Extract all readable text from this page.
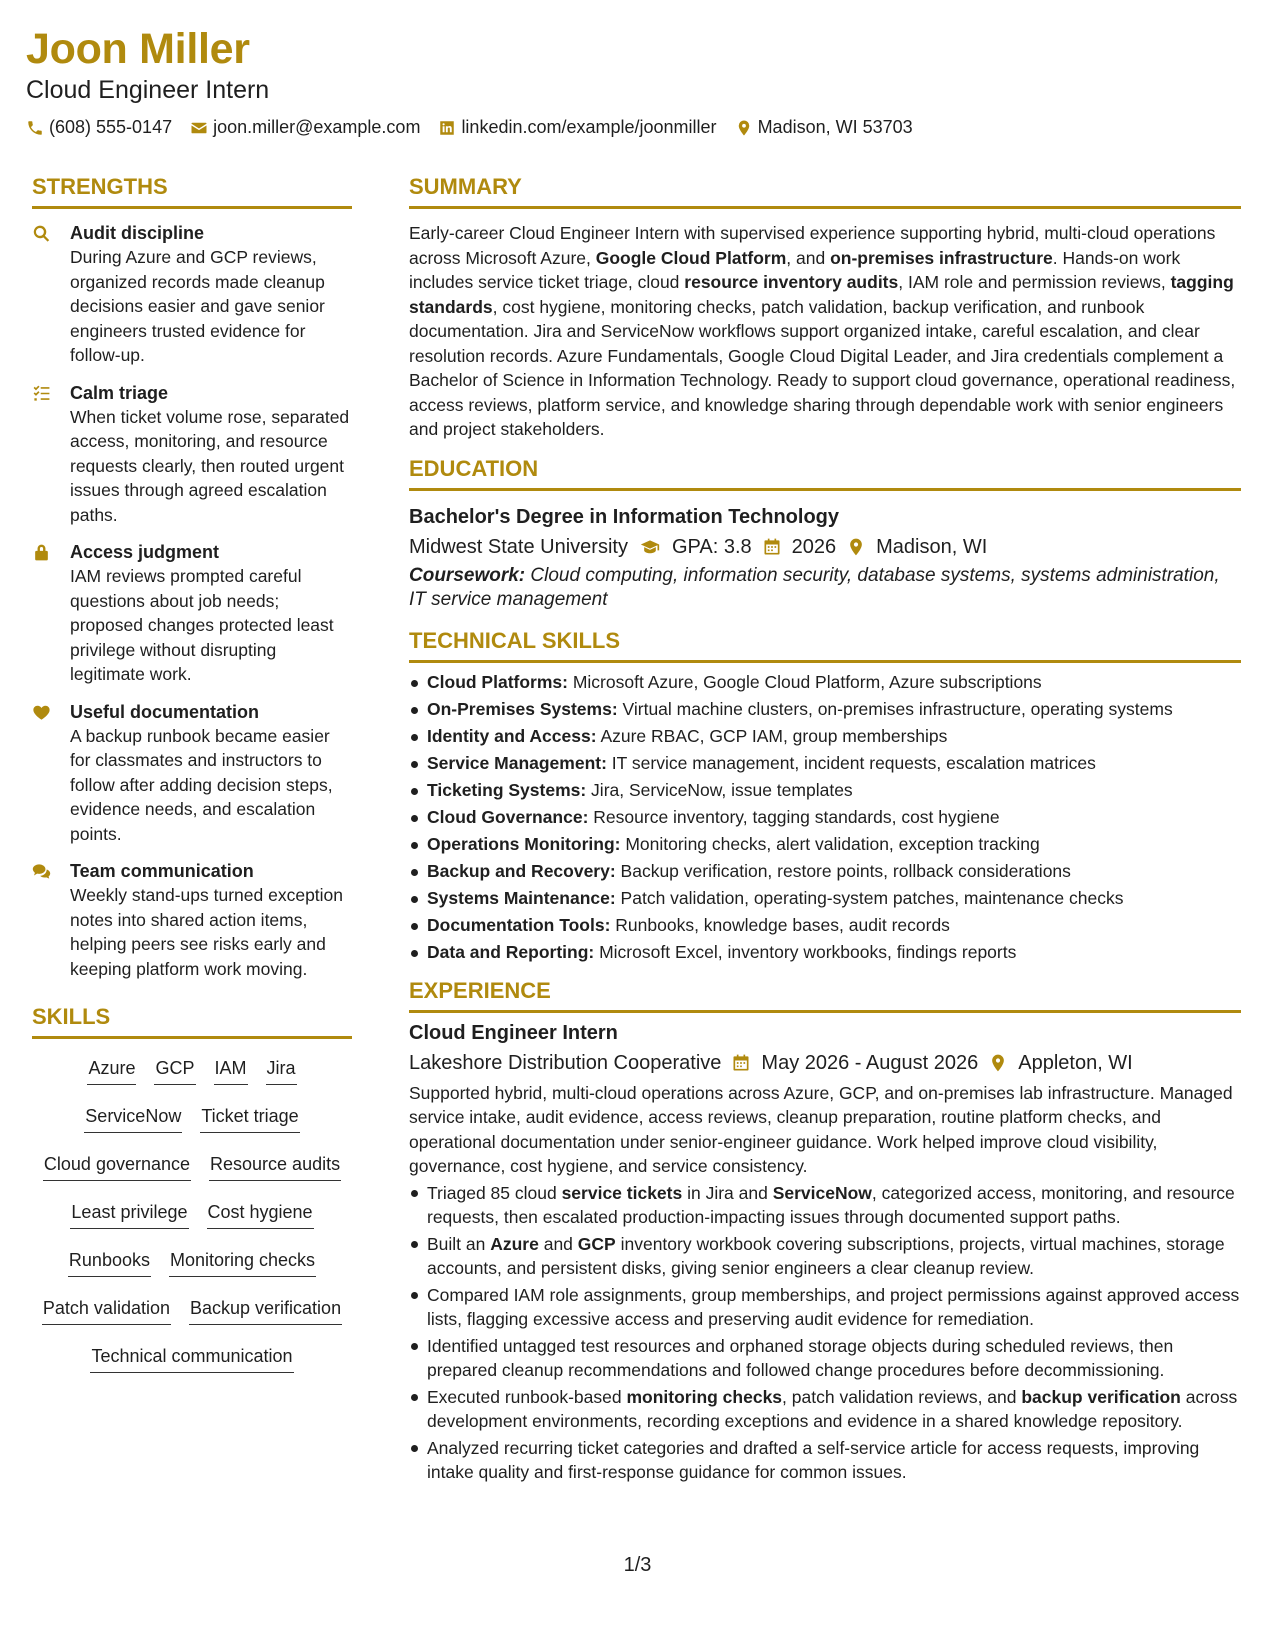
Joon Miller
Cloud Engineer Intern
(608) 555-0147 joon.miller@example.com linkedin.com/example/joonmiller Madison, WI 53703
STRENGTHS
Audit discipline
During Azure and GCP reviews, organized records made cleanup decisions easier and gave senior engineers trusted evidence for follow-up.
Calm triage
When ticket volume rose, separated access, monitoring, and resource requests clearly, then routed urgent issues through agreed escalation paths.
Access judgment
IAM reviews prompted careful questions about job needs; proposed changes protected least privilege without disrupting legitimate work.
Useful documentation
A backup runbook became easier for classmates and instructors to follow after adding decision steps, evidence needs, and escalation points.
Team communication
Weekly stand-ups turned exception notes into shared action items, helping peers see risks early and keeping platform work moving.
SKILLS
Azure GCP IAM Jira
ServiceNow Ticket triage
Cloud governance Resource audits
Least privilege Cost hygiene
Runbooks Monitoring checks
Patch validation Backup verification
Technical communication
SUMMARY
Early-career Cloud Engineer Intern with supervised experience supporting hybrid, multi-cloud operations across Microsoft Azure, Google Cloud Platform, and on-premises infrastructure. Hands-on work includes service ticket triage, cloud resource inventory audits, IAM role and permission reviews, tagging standards, cost hygiene, monitoring checks, patch validation, backup verification, and runbook documentation. Jira and ServiceNow workflows support organized intake, careful escalation, and clear resolution records. Azure Fundamentals, Google Cloud Digital Leader, and Jira credentials complement a Bachelor of Science in Information Technology. Ready to support cloud governance, operational readiness, access reviews, platform service, and knowledge sharing through dependable work with senior engineers and project stakeholders.
EDUCATION
Bachelor's Degree in Information Technology
Midwest State University GPA: 3.8 2026 Madison, WI
Coursework: Cloud computing, information security, database systems, systems administration, IT service management
TECHNICAL SKILLS
Cloud Platforms: Microsoft Azure, Google Cloud Platform, Azure subscriptions
On-Premises Systems: Virtual machine clusters, on-premises infrastructure, operating systems
Identity and Access: Azure RBAC, GCP IAM, group memberships
Service Management: IT service management, incident requests, escalation matrices
Ticketing Systems: Jira, ServiceNow, issue templates
Cloud Governance: Resource inventory, tagging standards, cost hygiene
Operations Monitoring: Monitoring checks, alert validation, exception tracking
Backup and Recovery: Backup verification, restore points, rollback considerations
Systems Maintenance: Patch validation, operating-system patches, maintenance checks
Documentation Tools: Runbooks, knowledge bases, audit records
Data and Reporting: Microsoft Excel, inventory workbooks, findings reports
EXPERIENCE
Cloud Engineer Intern
Lakeshore Distribution Cooperative May 2026 - August 2026 Appleton, WI
Supported hybrid, multi-cloud operations across Azure, GCP, and on-premises lab infrastructure. Managed service intake, audit evidence, access reviews, cleanup preparation, routine platform checks, and operational documentation under senior-engineer guidance. Work helped improve cloud visibility, governance, cost hygiene, and service consistency.
Triaged 85 cloud service tickets in Jira and ServiceNow, categorized access, monitoring, and resource requests, then escalated production-impacting issues through documented support paths.
Built an Azure and GCP inventory workbook covering subscriptions, projects, virtual machines, storage accounts, and persistent disks, giving senior engineers a clear cleanup review.
Compared IAM role assignments, group memberships, and project permissions against approved access lists, flagging excessive access and preserving audit evidence for remediation.
Identified untagged test resources and orphaned storage objects during scheduled reviews, then prepared cleanup recommendations and followed change procedures before decommissioning.
Executed runbook-based monitoring checks, patch validation reviews, and backup verification across development environments, recording exceptions and evidence in a shared knowledge repository.
Analyzed recurring ticket categories and drafted a self-service article for access requests, improving intake quality and first-response guidance for common issues.
1/3
